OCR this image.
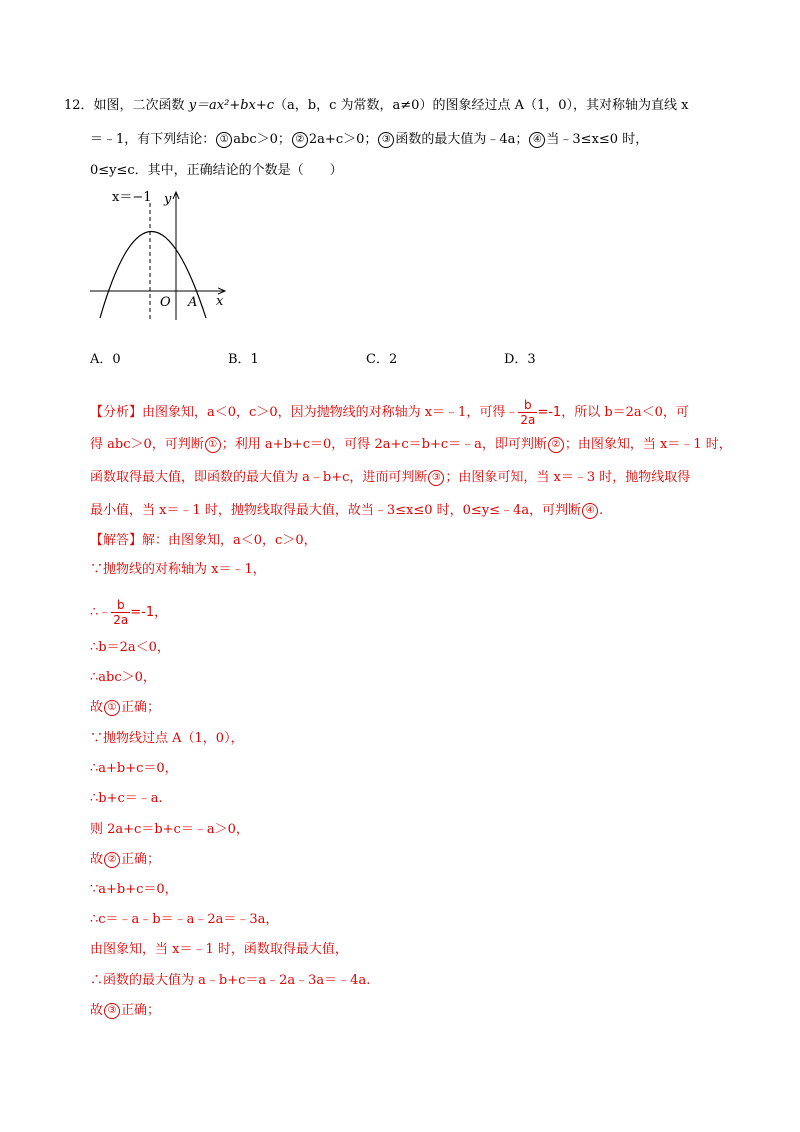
12．如图，二次函数 y＝ax²+bx+c（a，b，c 为常数，a≠0）的图象经过点 A（1，0），其对称轴为直线 x
＝﹣1，有下列结论： ① abc＞0； ② 2a+c＞0； ③ 函数的最大值为﹣4a； ④ 当﹣3≤x≤0 时，
0≤y≤c．其中，正确结论的个数是（　　）
x＝−1 y
x
O A
A．0	B．1	C．2	D．3
【分析】由图象知，a＜0，c＞0，因为抛物线的对称轴为 x＝﹣1，可得﹣ $\frac{b}{2a} =-1$，所以 b＝2a＜0，可
得 abc＞0，可判断 ① ；利用 a+b+c＝0，可得 2a+c＝b+c＝﹣a，即可判断 ② ；由图象知，当 x＝﹣1 时，
函数取得最大值，即函数的最大值为 a﹣b+c，进而可判断 ③ ；由图象可知，当 x＝﹣3 时，抛物线取得
最小值，当 x＝﹣1 时，抛物线取得最大值，故当﹣3≤x≤0 时，0≤y≤﹣4a，可判断 ④ .
【解答】解：由图象知，a＜0，c＞0，
∵抛物线的对称轴为 x＝﹣1，
∴﹣ $\frac{b}{2a} =-1$，
∴b＝2a＜0，
∴abc＞0，
故 ① 正确；
∵抛物线过点 A（1，0），
∴a+b+c＝0，
∴b+c＝﹣a.
则 2a+c＝b+c＝﹣a＞0，
故 ② 正确；
∵a+b+c＝0，
∴c＝﹣a﹣b＝﹣a﹣2a＝﹣3a，
由图象知，当 x＝﹣1 时，函数取得最大值，
∴函数的最大值为 a﹣b+c＝a﹣2a﹣3a＝﹣4a.
故 ③ 正确；
